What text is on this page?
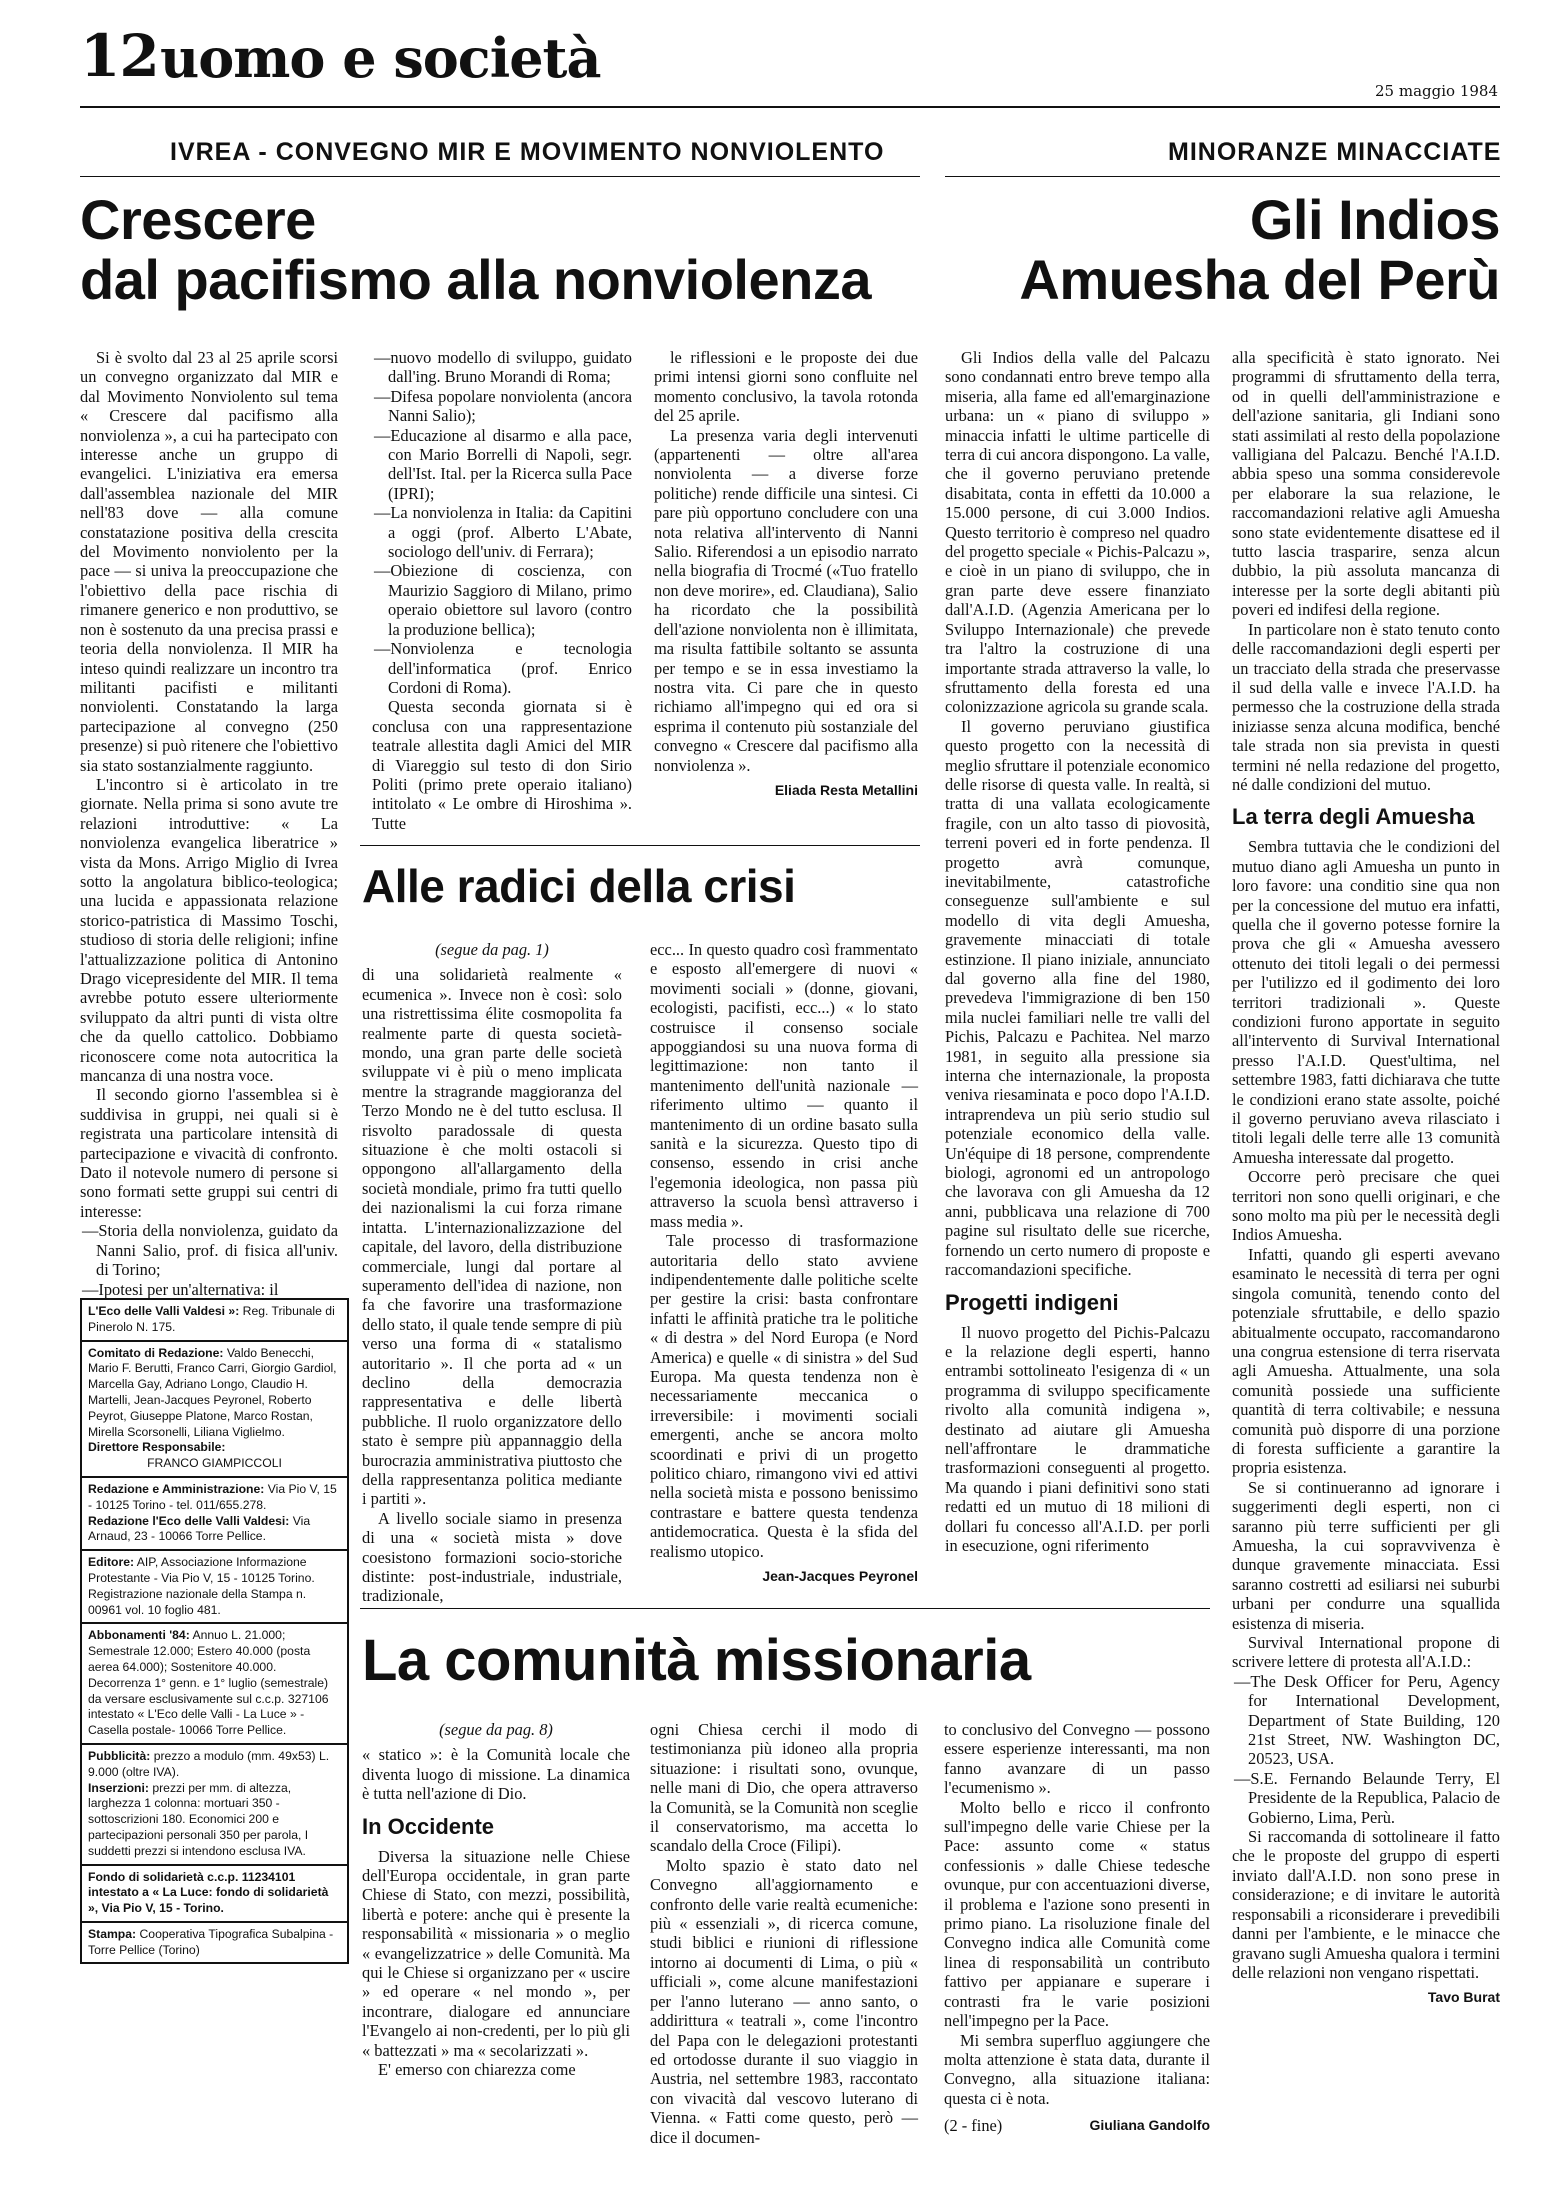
12 uomo e società
25 maggio 1984
IVREA - CONVEGNO MIR E MOVIMENTO NONVIOLENTO
Crescere
dal pacifismo alla nonviolenza

Si è svolto dal 23 al 25 aprile scorsi un convegno organizzato dal MIR e dal Movimento Nonviolento sul tema « Crescere dal pacifismo alla nonviolenza », a cui ha partecipato con interesse anche un gruppo di evangelici. L'iniziativa era emersa dall'assemblea nazionale del MIR nell'83 dove — alla comune constatazione positiva della crescita del Movimento nonviolento per la pace — si univa la preoccupazione che l'obiettivo della pace rischia di rimanere generico e non produttivo, se non è sostenuto da una precisa prassi e teoria della nonviolenza. Il MIR ha inteso quindi realizzare un incontro tra militanti pacifisti e militanti nonviolenti. Constatando la larga partecipazione al convegno (250 presenze) si può ritenere che l'obiettivo sia stato sostanzialmente raggiunto.

L'incontro si è articolato in tre giornate. Nella prima si sono avute tre relazioni introduttive: « La nonviolenza evangelica liberatrice » vista da Mons. Arrigo Miglio di Ivrea sotto la angolatura biblico-teologica; una lucida e appassionata relazione storico-patristica di Massimo Toschi, studioso di storia delle religioni; infine l'attualizzazione politica di Antonino Drago vicepresidente del MIR. Il tema avrebbe potuto essere ulteriormente sviluppato da altri punti di vista oltre che da quello cattolico. Dobbiamo riconoscere come nota autocritica la mancanza di una nostra voce.

Il secondo giorno l'assemblea si è suddivisa in gruppi, nei quali si è registrata una particolare intensità di partecipazione e vivacità di confronto. Dato il notevole numero di persone si sono formati sette gruppi sui centri di interesse:

— Storia della nonviolenza, guidato da Nanni Salio, prof. di fisica all'univ. di Torino;
— Ipotesi per un'alternativa: il
— nuovo modello di sviluppo, guidato dall'ing. Bruno Morandi di Roma;
— Difesa popolare nonviolenta (ancora Nanni Salio);
— Educazione al disarmo e alla pace, con Mario Borrelli di Napoli, segr. dell'Ist. Ital. per la Ricerca sulla Pace (IPRI);
— La nonviolenza in Italia: da Capitini a oggi (prof. Alberto L'Abate, sociologo dell'univ. di Ferrara);
— Obiezione di coscienza, con Maurizio Saggioro di Milano, primo operaio obiettore sul lavoro (contro la produzione bellica);
— Nonviolenza e tecnologia dell'informatica (prof. Enrico Cordoni di Roma).

Questa seconda giornata si è conclusa con una rappresentazione teatrale allestita dagli Amici del MIR di Viareggio sul testo di don Sirio Politi (primo prete operaio italiano) intitolato « Le ombre di Hiroshima ». Tutte

le riflessioni e le proposte dei due primi intensi giorni sono confluite nel momento conclusivo, la tavola rotonda del 25 aprile.

La presenza varia degli intervenuti (appartenenti — oltre all'area nonviolenta — a diverse forze politiche) rende difficile una sintesi. Ci pare più opportuno concludere con una nota relativa all'intervento di Nanni Salio. Riferendosi a un episodio narrato nella biografia di Trocmé («Tuo fratello non deve morire», ed. Claudiana), Salio ha ricordato che la possibilità dell'azione nonviolenta non è illimitata, ma risulta fattibile soltanto se assunta per tempo e se in essa investiamo la nostra vita. Ci pare che in questo richiamo all'impegno qui ed ora si esprima il contenuto più sostanziale del convegno « Crescere dal pacifismo alla nonviolenza ».

Eliada Resta Metallini
L'Eco delle Valli Valdesi »: Reg. Tribunale di Pinerolo N. 175.
Comitato di Redazione: Valdo Benecchi, Mario F. Berutti, Franco Carri, Giorgio Gardiol, Marcella Gay, Adriano Longo, Claudio H. Martelli, Jean-Jacques Peyronel, Roberto Peyrot, Giuseppe Platone, Marco Rostan, Mirella Scorsonelli, Liliana Viglielmo.
Direttore Responsabile:
FRANCO GIAMPICCOLI
Redazione e Amministrazione: Via Pio V, 15 - 10125 Torino - tel. 011/655.278.
Redazione l'Eco delle Valli Valdesi: Via Arnaud, 23 - 10066 Torre Pellice.
Editore: AIP, Associazione Informazione Protestante - Via Pio V, 15 - 10125 Torino. Registrazione nazionale della Stampa n. 00961 vol. 10 foglio 481.
Abbonamenti '84: Annuo L. 21.000; Semestrale 12.000; Estero 40.000 (posta aerea 64.000); Sostenitore 40.000. Decorrenza 1° genn. e 1° luglio (semestrale) da versare esclusivamente sul c.c.p. 327106 intestato « L'Eco delle Valli - La Luce » - Casella postale- 10066 Torre Pellice.
Pubblicità: prezzo a modulo (mm. 49x53) L. 9.000 (oltre IVA).
Inserzioni: prezzi per mm. di altezza, larghezza 1 colonna: mortuari 350 - sottoscrizioni 180. Economici 200 e partecipazioni personali 350 per parola, I suddetti prezzi si intendono esclusa IVA.
Fondo di solidarietà c.c.p. 11234101 intestato a « La Luce: fondo di solidarietà », Via Pio V, 15 - Torino.
Stampa: Cooperativa Tipografica Subalpina - Torre Pellice (Torino)
Alle radici della crisi
(segue da pag. 1)

di una solidarietà realmente « ecumenica ». Invece non è così: solo una ristrettissima élite cosmopolita fa realmente parte di questa società-mondo, una gran parte delle società sviluppate vi è più o meno implicata mentre la stragrande maggioranza del Terzo Mondo ne è del tutto esclusa. Il risvolto paradossale di questa situazione è che molti ostacoli si oppongono all'allargamento della società mondiale, primo fra tutti quello dei nazionalismi la cui forza rimane intatta. L'internazionalizzazione del capitale, del lavoro, della distribuzione commerciale, lungi dal portare al superamento dell'idea di nazione, non fa che favorire una trasformazione dello stato, il quale tende sempre di più verso una forma di « statalismo autoritario ». Il che porta ad « un declino della democrazia rappresentativa e delle libertà pubbliche. Il ruolo organizzatore dello stato è sempre più appannaggio della burocrazia amministrativa piuttosto che della rappresentanza politica mediante i partiti ».

A livello sociale siamo in presenza di una « società mista » dove coesistono formazioni socio-storiche distinte: post-industriale, industriale, tradizionale,

ecc... In questo quadro così frammentato e esposto all'emergere di nuovi « movimenti sociali » (donne, giovani, ecologisti, pacifisti, ecc...) « lo stato costruisce il consenso sociale appoggiandosi su una nuova forma di legittimazione: non tanto il mantenimento dell'unità nazionale — riferimento ultimo — quanto il mantenimento di un ordine basato sulla sanità e la sicurezza. Questo tipo di consenso, essendo in crisi anche l'egemonia ideologica, non passa più attraverso la scuola bensì attraverso i mass media ».

Tale processo di trasformazione autoritaria dello stato avviene indipendentemente dalle politiche scelte per gestire la crisi: basta confrontare infatti le affinità pratiche tra le politiche « di destra » del Nord Europa (e Nord America) e quelle « di sinistra » del Sud Europa. Ma questa tendenza non è necessariamente meccanica o irreversibile: i movimenti sociali emergenti, anche se ancora molto scoordinati e privi di un progetto politico chiaro, rimangono vivi ed attivi nella società mista e possono benissimo contrastare e battere questa tendenza antidemocratica. Questa è la sfida del realismo utopico.

Jean-Jacques Peyronel
La comunità missionaria
(segue da pag. 8)

« statico »: è la Comunità locale che diventa luogo di missione. La dinamica è tutta nell'azione di Dio.

In Occidente

Diversa la situazione nelle Chiese dell'Europa occidentale, in gran parte Chiese di Stato, con mezzi, possibilità, libertà e potere: anche qui è presente la responsabilità « missionaria » o meglio « evangelizzatrice » delle Comunità. Ma qui le Chiese si organizzano per « uscire » ed operare « nel mondo », per incontrare, dialogare ed annunciare l'Evangelo ai non-credenti, per lo più gli « battezzati » ma « secolarizzati ».

E' emerso con chiarezza come

ogni Chiesa cerchi il modo di testimonianza più idoneo alla propria situazione: i risultati sono, ovunque, nelle mani di Dio, che opera attraverso la Comunità, se la Comunità non sceglie il conservatorismo, ma accetta lo scandalo della Croce (Filipi).

Molto spazio è stato dato nel Convegno all'aggiornamento e confronto delle varie realtà ecumeniche: più « essenziali », di ricerca comune, studi biblici e riunioni di riflessione intorno ai documenti di Lima, o più « ufficiali », come alcune manifestazioni per l'anno luterano — anno santo, o addirittura « teatrali », come l'incontro del Papa con le delegazioni protestanti ed ortodosse durante il suo viaggio in Austria, nel settembre 1983, raccontato con vivacità dal vescovo luterano di Vienna. « Fatti come questo, però — dice il documen-

to conclusivo del Convegno — possono essere esperienze interessanti, ma non fanno avanzare di un passo l'ecumenismo ».

Molto bello e ricco il confronto sull'impegno delle varie Chiese per la Pace: assunto come « status confessionis » dalle Chiese tedesche ovunque, pur con accentuazioni diverse, il problema e l'azione sono presenti in primo piano. La risoluzione finale del Convegno indica alle Comunità come linea di responsabilità un contributo fattivo per appianare e superare i contrasti fra le varie posizioni nell'impegno per la Pace.

Mi sembra superfluo aggiungere che molta attenzione è stata data, durante il Convegno, alla situazione italiana: questa ci è nota.

(2 - fine)	Giuliana Gandolfo
MINORANZE MINACCIATE
Gli Indios
Amuesha del Perù

Gli Indios della valle del Palcazu sono condannati entro breve tempo alla miseria, alla fame ed all'emarginazione urbana: un « piano di sviluppo » minaccia infatti le ultime particelle di terra di cui ancora dispongono. La valle, che il governo peruviano pretende disabitata, conta in effetti da 10.000 a 15.000 persone, di cui 3.000 Indios. Questo territorio è compreso nel quadro del progetto speciale « Pichis-Palcazu », e cioè in un piano di sviluppo, che in gran parte deve essere finanziato dall'A.I.D. (Agenzia Americana per lo Sviluppo Internazionale) che prevede tra l'altro la costruzione di una importante strada attraverso la valle, lo sfruttamento della foresta ed una colonizzazione agricola su grande scala.

Il governo peruviano giustifica questo progetto con la necessità di meglio sfruttare il potenziale economico delle risorse di questa valle. In realtà, si tratta di una vallata ecologicamente fragile, con un alto tasso di piovosità, terreni poveri ed in forte pendenza. Il progetto avrà comunque, inevitabilmente, catastrofiche conseguenze sull'ambiente e sul modello di vita degli Amuesha, gravemente minacciati di totale estinzione. Il piano iniziale, annunciato dal governo alla fine del 1980, prevedeva l'immigrazione di ben 150 mila nuclei familiari nelle tre valli del Pichis, Palcazu e Pachitea. Nel marzo 1981, in seguito alla pressione sia interna che internazionale, la proposta veniva riesaminata e poco dopo l'A.I.D. intraprendeva un più serio studio sul potenziale economico della valle. Un'équipe di 18 persone, comprendente biologi, agronomi ed un antropologo che lavorava con gli Amuesha da 12 anni, pubblicava una relazione di 700 pagine sul risultato delle sue ricerche, fornendo un certo numero di proposte e raccomandazioni specifiche.

Progetti indigeni

Il nuovo progetto del Pichis-Palcazu e la relazione degli esperti, hanno entrambi sottolineato l'esigenza di « un programma di sviluppo specificamente rivolto alla comunità indigena », destinato ad aiutare gli Amuesha nell'affrontare le drammatiche trasformazioni conseguenti al progetto. Ma quando i piani definitivi sono stati redatti ed un mutuo di 18 milioni di dollari fu concesso all'A.I.D. per porli in esecuzione, ogni riferimento

alla specificità è stato ignorato. Nei programmi di sfruttamento della terra, od in quelli dell'amministrazione e dell'azione sanitaria, gli Indiani sono stati assimilati al resto della popolazione valligiana del Palcazu. Benché l'A.I.D. abbia speso una somma considerevole per elaborare la sua relazione, le raccomandazioni relative agli Amuesha sono state evidentemente disattese ed il tutto lascia trasparire, senza alcun dubbio, la più assoluta mancanza di interesse per la sorte degli abitanti più poveri ed indifesi della regione.

In particolare non è stato tenuto conto delle raccomandazioni degli esperti per un tracciato della strada che preservasse il sud della valle e invece l'A.I.D. ha permesso che la costruzione della strada iniziasse senza alcuna modifica, benché tale strada non sia prevista in questi termini né nella redazione del progetto, né dalle condizioni del mutuo.

La terra degli Amuesha

Sembra tuttavia che le condizioni del mutuo diano agli Amuesha un punto in loro favore: una conditio sine qua non per la concessione del mutuo era infatti, quella che il governo potesse fornire la prova che gli « Amuesha avessero ottenuto dei titoli legali o dei permessi per l'utilizzo ed il godimento dei loro territori tradizionali ». Queste condizioni furono apportate in seguito all'intervento di Survival International presso l'A.I.D. Quest'ultima, nel settembre 1983, fatti dichiarava che tutte le condizioni erano state assolte, poiché il governo peruviano aveva rilasciato i titoli legali delle terre alle 13 comunità Amuesha interessate dal progetto.

Occorre però precisare che quei territori non sono quelli originari, e che sono molto ma più per le necessità degli Indios Amuesha.

Infatti, quando gli esperti avevano esaminato le necessità di terra per ogni singola comunità, tenendo conto del potenziale sfruttabile, e dello spazio abitualmente occupato, raccomandarono una congrua estensione di terra riservata agli Amuesha. Attualmente, una sola comunità possiede una sufficiente quantità di terra coltivabile; e nessuna comunità può disporre di una porzione di foresta sufficiente a garantire la propria esistenza.

Se si continueranno ad ignorare i suggerimenti degli esperti, non ci saranno più terre sufficienti per gli Amuesha, la cui sopravvivenza è dunque gravemente minacciata. Essi saranno costretti ad esiliarsi nei suburbi urbani per condurre una squallida esistenza di miseria.

Survival International propone di scrivere lettere di protesta all'A.I.D.:

— The Desk Officer for Peru, Agency for International Development, Department of State Building, 120 21st Street, NW. Washington DC, 20523, USA.
— S.E. Fernando Belaunde Terry, El Presidente de la Republica, Palacio de Gobierno, Lima, Perù.

Si raccomanda di sottolineare il fatto che le proposte del gruppo di esperti inviato dall'A.I.D. non sono prese in considerazione; e di invitare le autorità responsabili a riconsiderare i prevedibili danni per l'ambiente, e le minacce che gravano sugli Amuesha qualora i termini delle relazioni non vengano rispettati.

Tavo Burat
